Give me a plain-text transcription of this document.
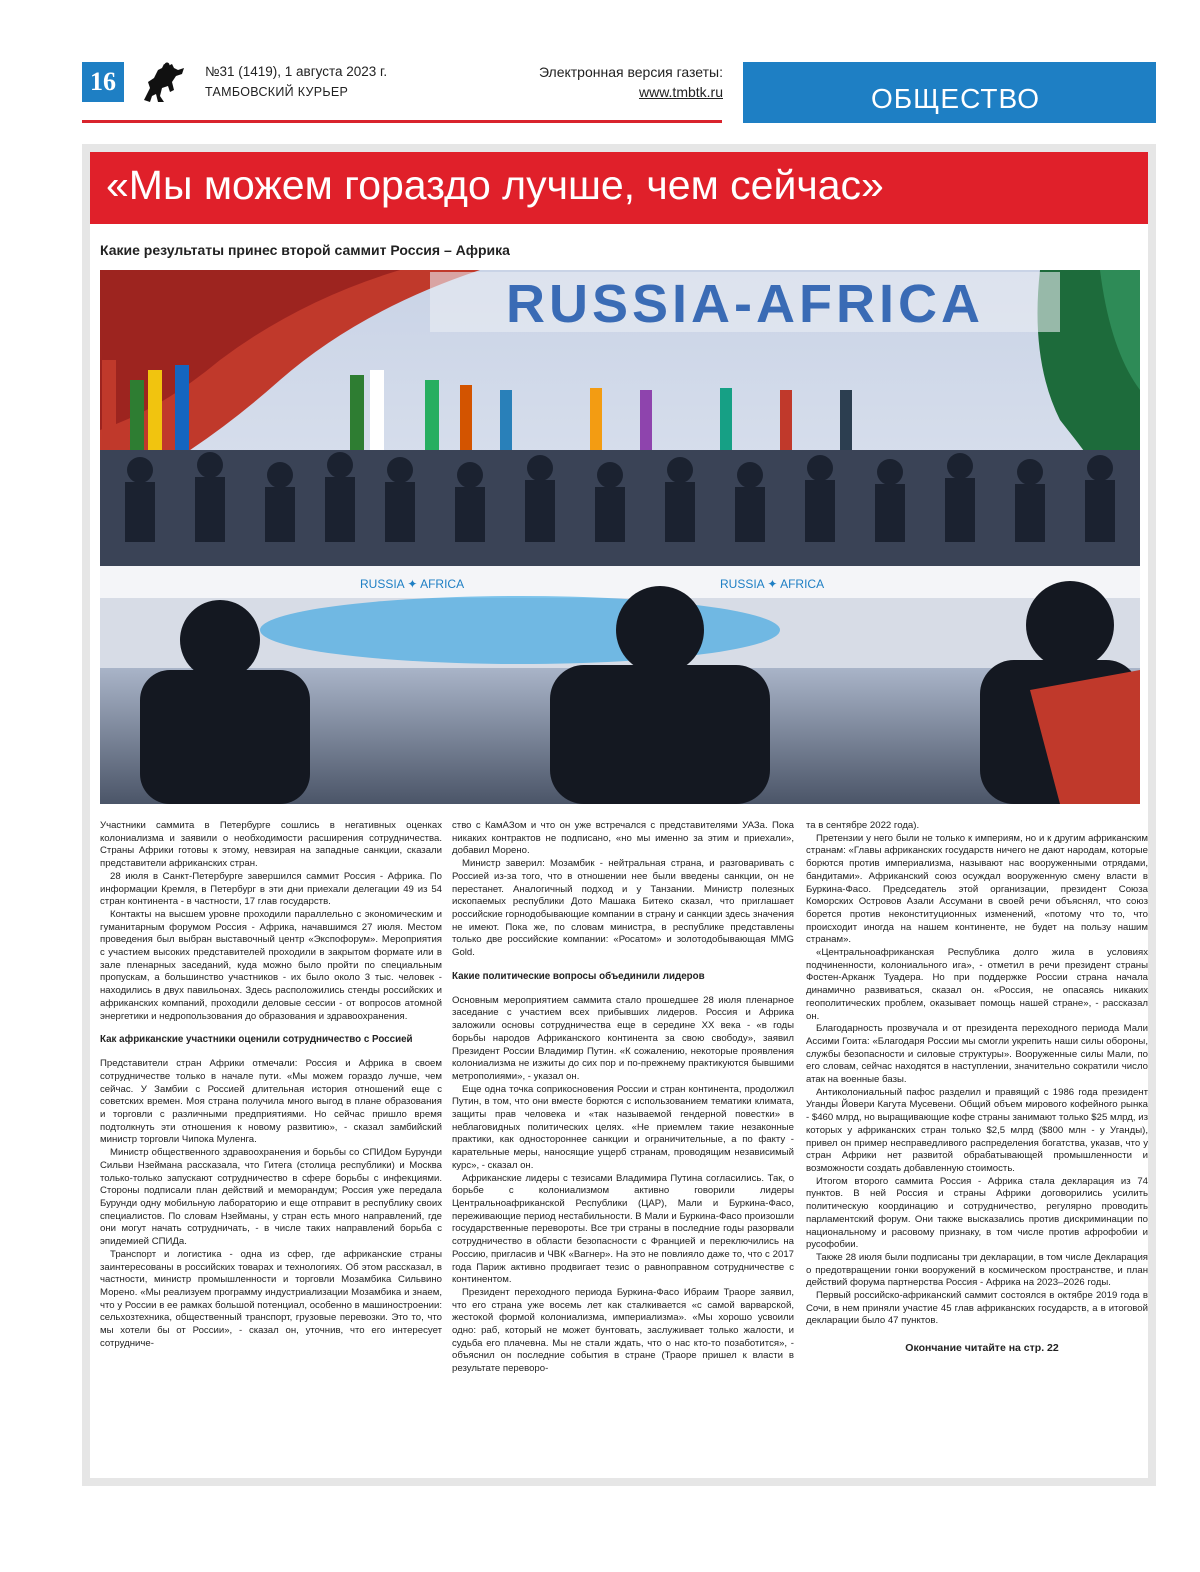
16	№31 (1419), 1 августа 2023 г.
ТАМБОВСКИЙ КУРЬЕР
Электронная версия газеты:
www.tmbtk.ru	ОБЩЕСТВО
«Мы можем гораздо лучше, чем сейчас»
Какие результаты принес второй саммит Россия – Африка
RUSSIA-AFRICA
RUSSIA ✦ AFRICA	RUSSIA ✦ AFRICA

Участники саммита в Петербурге сошлись в негативных оценках колониализма и заявили о необходимости расширения сотрудничества. Страны Африки готовы к этому, невзирая на западные санкции, сказали представители африканских стран.

28 июля в Санкт-Петербурге завершился саммит Россия - Африка. По информации Кремля, в Петербург в эти дни приехали делегации 49 из 54 стран континента - в частности, 17 глав государств.

Контакты на высшем уровне проходили параллельно с экономическим и гуманитарным форумом Россия - Африка, начавшимся 27 июля. Местом проведения был выбран выставочный центр «Экспофорум». Мероприятия с участием высоких представителей проходили в закрытом формате или в зале пленарных заседаний, куда можно было пройти по специальным пропускам, а большинство участников - их было около 3 тыс. человек - находились в двух павильонах. Здесь расположились стенды российских и африканских компаний, проходили деловые сессии - от вопросов атомной энергетики и недропользования до образования и здравоохранения.

Как африканские участники оценили сотрудничество с Россией

Представители стран Африки отмечали: Россия и Африка в своем сотрудничестве только в начале пути. «Мы можем гораздо лучше, чем сейчас. У Замбии с Россией длительная история отношений еще с советских времен. Моя страна получила много выгод в плане образования и торговли с различными предприятиями. Но сейчас пришло время подтолкнуть эти отношения к новому развитию», - сказал замбийский министр торговли Чипока Муленга.

Министр общественного здравоохранения и борьбы со СПИДом Бурунди Сильви Нзеймана рассказала, что Гитега (столица республики) и Москва только-только запускают сотрудничество в сфере борьбы с инфекциями. Стороны подписали план действий и меморандум; Россия уже передала Бурунди одну мобильную лабораторию и еще отправит в республику своих специалистов. По словам Нзейманы, у стран есть много направлений, где они могут начать сотрудничать, - в числе таких направлений борьба с эпидемией СПИДа.

Транспорт и логистика - одна из сфер, где африканские страны заинтересованы в российских товарах и технологиях. Об этом рассказал, в частности, министр промышленности и торговли Мозамбика Сильвино Морено. «Мы реализуем программу индустриализации Мозамбика и знаем, что у России в ее рамках большой потенциал, особенно в машиностроении: сельхозтехника, общественный транспорт, грузовые перевозки. Это то, что мы хотели бы от России», - сказал он, уточнив, что его интересует сотрудниче-

ство с КамАЗом и что он уже встречался с представителями УАЗа. Пока никаких контрактов не подписано, «но мы именно за этим и приехали», добавил Морено.

Министр заверил: Мозамбик - нейтральная страна, и разговаривать с Россией из-за того, что в отношении нее были введены санкции, он не перестанет. Аналогичный подход и у Танзании. Министр полезных ископаемых республики Дото Машака Битеко сказал, что приглашает российские горнодобывающие компании в страну и санкции здесь значения не имеют. Пока же, по словам министра, в республике представлены только две российские компании: «Росатом» и золотодобывающая MMG Gold.

Какие политические вопросы объединили лидеров

Основным мероприятием саммита стало прошедшее 28 июля пленарное заседание с участием всех прибывших лидеров. Россия и Африка заложили основы сотрудничества еще в середине XX века - «в годы борьбы народов Африканского континента за свою свободу», заявил Президент России Владимир Путин. «К сожалению, некоторые проявления колониализма не изжиты до сих пор и по-прежнему практикуются бывшими метрополиями», - указал он.

Еще одна точка соприкосновения России и стран континента, продолжил Путин, в том, что они вместе борются с использованием тематики климата, защиты прав человека и «так называемой гендерной повестки» в неблаговидных политических целях. «Не приемлем такие незаконные практики, как одностороннее санкции и ограничительные, а по факту - карательные меры, наносящие ущерб странам, проводящим независимый курс», - сказал он.

Африканские лидеры с тезисами Владимира Путина согласились. Так, о борьбе с колониализмом активно говорили лидеры Центральноафриканской Республики (ЦАР), Мали и Буркина-Фасо, переживающие период нестабильности. В Мали и Буркина-Фасо произошли государственные перевороты. Все три страны в последние годы разорвали сотрудничество в области безопасности с Францией и переключились на Россию, пригласив и ЧВК «Вагнер». На это не повлияло даже то, что с 2017 года Париж активно продвигает тезис о равноправном сотрудничестве с континентом.

Президент переходного периода Буркина-Фасо Ибраим Траоре заявил, что его страна уже восемь лет как сталкивается «с самой варварской, жестокой формой колониализма, империализма». «Мы хорошо усвоили одно: раб, который не может бунтовать, заслуживает только жалости, и судьба его плачевна. Мы не стали ждать, что о нас кто-то позаботится», - объяснил он последние события в стране (Траоре пришел к власти в результате переворо-

та в сентябре 2022 года).

Претензии у него были не только к империям, но и к другим африканским странам: «Главы африканских государств ничего не дают народам, которые борются против империализма, называют нас вооруженными отрядами, бандитами». Африканский союз осуждал вооруженную смену власти в Буркина-Фасо. Председатель этой организации, президент Союза Коморских Островов Азали Ассумани в своей речи объяснял, что союз борется против неконституционных изменений, «потому что то, что происходит иногда на нашем континенте, не будет на пользу нашим странам».

«Центральноафриканская Республика долго жила в условиях подчиненности, колониального ига», - отметил в речи президент страны Фостен-Арканж Туадера. Но при поддержке России страна начала динамично развиваться, сказал он. «Россия, не опасаясь никаких геополитических проблем, оказывает помощь нашей стране», - рассказал он.

Благодарность прозвучала и от президента переходного периода Мали Ассими Гоита: «Благодаря России мы смогли укрепить наши силы обороны, службы безопасности и силовые структуры». Вооруженные силы Мали, по его словам, сейчас находятся в наступлении, значительно сократили число атак на военные базы.

Антиколониальный пафос разделил и правящий с 1986 года президент Уганды Йовери Кагута Мусевени. Общий объем мирового кофейного рынка - $460 млрд, но выращивающие кофе страны занимают только $25 млрд, из которых у африканских стран только $2,5 млрд ($800 млн - у Уганды), привел он пример несправедливого распределения богатства, указав, что у стран Африки нет развитой обрабатывающей промышленности и возможности создать добавленную стоимость.

Итогом второго саммита Россия - Африка стала декларация из 74 пунктов. В ней Россия и страны Африки договорились усилить политическую координацию и сотрудничество, регулярно проводить парламентский форум. Они также высказались против дискриминации по национальному и расовому признаку, в том числе против афрофобии и русофобии.

Также 28 июля были подписаны три декларации, в том числе Декларация о предотвращении гонки вооружений в космическом пространстве, и план действий форума партнерства Россия - Африка на 2023–2026 годы.

Первый российско-африканский саммит состоялся в октябре 2019 года в Сочи, в нем приняли участие 45 глав африканских государств, а в итоговой декларации было 47 пунктов.

Окончание читайте на стр. 22
